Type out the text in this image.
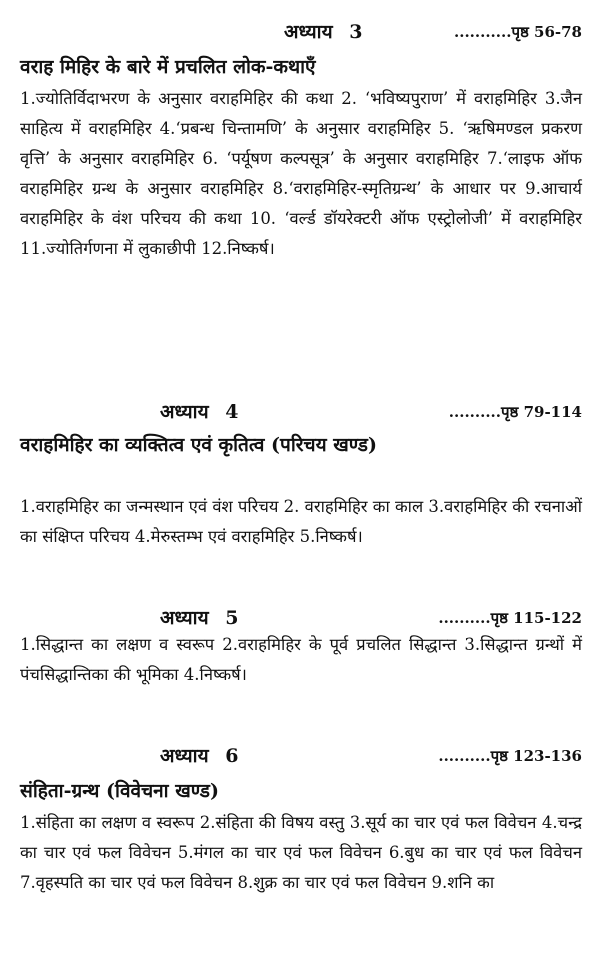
अध्याय 3	...........पृष्ठ 56-78
वराह मिहिर के बारे में प्रचलित लोक-कथाएँ
1.ज्योतिर्विदाभरण के अनुसार वराहमिहिर की कथा 2. ‘भविष्यपुराण’ में वराहमिहिर 3.जैन साहित्य में वराहमिहिर 4.‘प्रबन्ध चिन्तामणि’ के अनुसार वराहमिहिर 5. ‘ऋषिमण्डल प्रकरण वृत्ति’ के अनुसार वराहमिहिर 6. ‘पर्यूषण कल्पसूत्र’ के अनुसार वराहमिहिर 7.‘लाइफ ऑफ वराहमिहिर ग्रन्थ के अनुसार वराहमिहिर 8.‘वराहमिहिर-स्मृतिग्रन्थ’ के आधार पर 9.आचार्य वराहमिहिर के वंश परिचय की कथा 10. ‘वर्ल्ड डॉयरेक्टरी ऑफ एस्ट्रोलोजी’ में वराहमिहिर 11.ज्योतिर्गणना में लुकाछीपी 12.निष्कर्ष।
अध्याय 4	..........पृष्ठ 79-114
वराहमिहिर का व्यक्तित्व एवं कृतित्व (परिचय खण्ड)
1.वराहमिहिर का जन्मस्थान एवं वंश परिचय 2. वराहमिहिर का काल 3.वराहमिहिर की रचनाओं का संक्षिप्त परिचय 4.मेरुस्तम्भ एवं वराहमिहिर 5.निष्कर्ष।
अध्याय 5	..........पृष्ठ 115-122
1.सिद्धान्त का लक्षण व स्वरूप 2.वराहमिहिर के पूर्व प्रचलित सिद्धान्त 3.सिद्धान्त ग्रन्थों में पंचसिद्धान्तिका की भूमिका 4.निष्कर्ष।
अध्याय 6	..........पृष्ठ 123-136
संहिता-ग्रन्थ (विवेचना खण्ड)
1.संहिता का लक्षण व स्वरूप 2.संहिता की विषय वस्तु 3.सूर्य का चार एवं फल विवेचन 4.चन्द्र का चार एवं फल विवेचन 5.मंगल का चार एवं फल विवेचन 6.बुध का चार एवं फल विवेचन 7.वृहस्पति का चार एवं फल विवेचन 8.शुक्र का चार एवं फल विवेचन 9.शनि का
